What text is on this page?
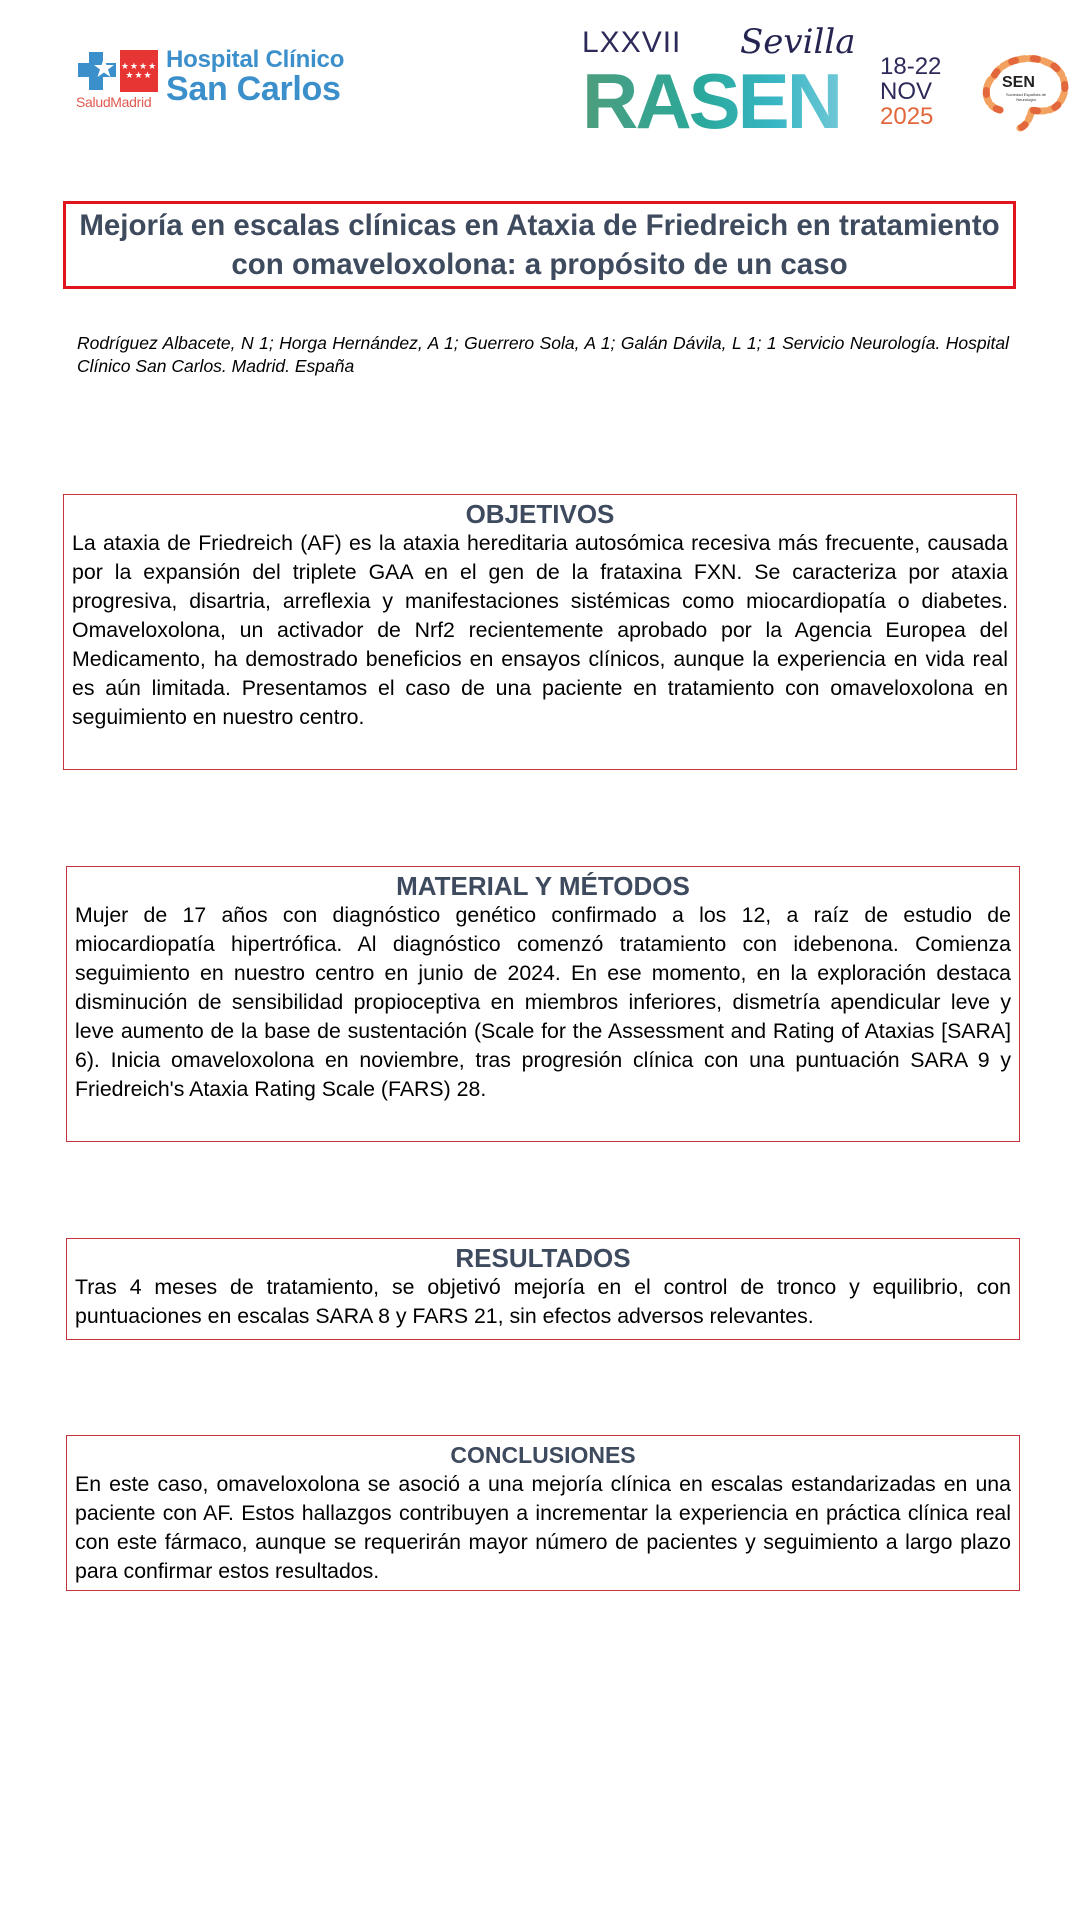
★★★★
★★★
SaludMadrid
Hospital Clínico
San Carlos
LXXVII
RASEN
Sevilla
18-22
NOV
2025
SEN
Sociedad Española de Neurología
Mejoría en escalas clínicas en Ataxia de Friedreich en tratamiento con omaveloxolona: a propósito de un caso
Rodríguez Albacete, N 1; Horga Hernández, A 1; Guerrero Sola, A 1; Galán Dávila, L 1; 1 Servicio Neurología. Hospital Clínico San Carlos. Madrid. España
OBJETIVOS
La ataxia de Friedreich (AF) es la ataxia hereditaria autosómica recesiva más frecuente, causada por la expansión del triplete GAA en el gen de la frataxina FXN. Se caracteriza por ataxia progresiva, disartria, arreflexia y manifestaciones sistémicas como miocardiopatía o diabetes. Omaveloxolona, un activador de Nrf2 recientemente aprobado por la Agencia Europea del Medicamento, ha demostrado beneficios en ensayos clínicos, aunque la experiencia en vida real es aún limitada. Presentamos el caso de una paciente en tratamiento con omaveloxolona en seguimiento en nuestro centro.
MATERIAL Y MÉTODOS
Mujer de 17 años con diagnóstico genético confirmado a los 12, a raíz de estudio de miocardiopatía hipertrófica. Al diagnóstico comenzó tratamiento con idebenona. Comienza seguimiento en nuestro centro en junio de 2024. En ese momento, en la exploración destaca disminución de sensibilidad propioceptiva en miembros inferiores, dismetría apendicular leve y leve aumento de la base de sustentación (Scale for the Assessment and Rating of Ataxias [SARA] 6). Inicia omaveloxolona en noviembre, tras progresión clínica con una puntuación SARA 9 y Friedreich's Ataxia Rating Scale (FARS) 28.
RESULTADOS
Tras 4 meses de tratamiento, se objetivó mejoría en el control de tronco y equilibrio, con puntuaciones en escalas SARA 8 y FARS 21, sin efectos adversos relevantes.
CONCLUSIONES
En este caso, omaveloxolona se asoció a una mejoría clínica en escalas estandarizadas en una paciente con AF. Estos hallazgos contribuyen a incrementar la experiencia en práctica clínica real con este fármaco, aunque se requerirán mayor número de pacientes y seguimiento a largo plazo para confirmar estos resultados.
